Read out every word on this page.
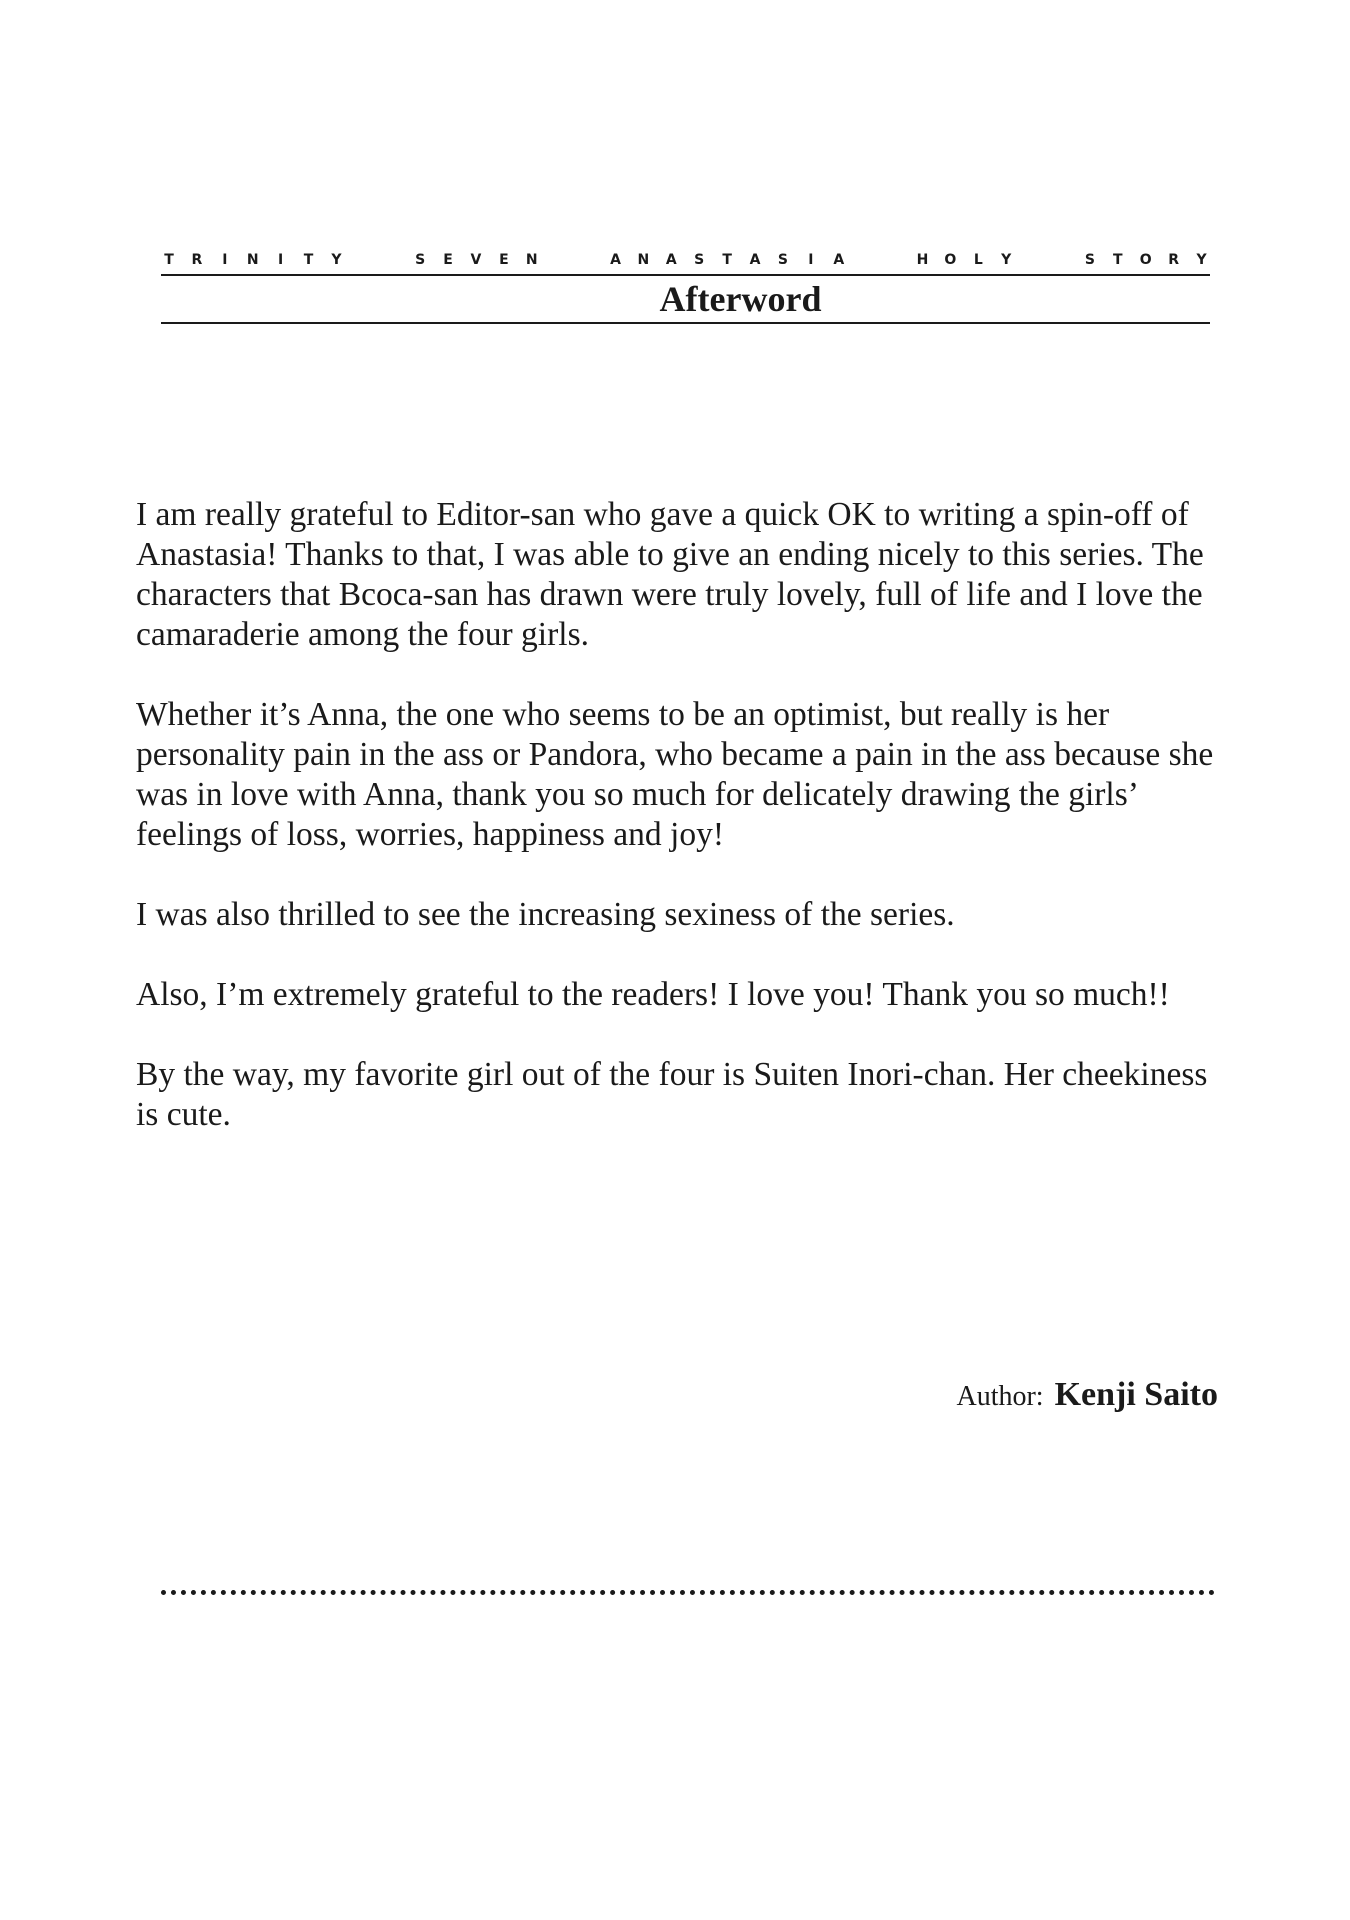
T R	I	N	I	T Y	S E V E N	A N A S T A S	I	A	H O L Y	S T O R Y
Afterword

I am really grateful to Editor-san who gave a quick OK to writing a spin-off of Anastasia! Thanks to that, I was able to give an ending nicely to this series. The characters that Bcoca-san has drawn were truly lovely, full of life and I love the camaraderie among the four girls.

Whether it’s Anna, the one who seems to be an optimist, but really is her personality pain in the ass or Pandora, who became a pain in the ass because she was in love with Anna, thank you so much for delicately drawing the girls’ feelings of loss, worries, happiness and joy!

I was also thrilled to see the increasing sexiness of the series.

Also, I’m extremely grateful to the readers! I love you! Thank you so much!!

By the way, my favorite girl out of the four is Suiten Inori-chan. Her cheekiness is cute.

Author: Kenji Saito
